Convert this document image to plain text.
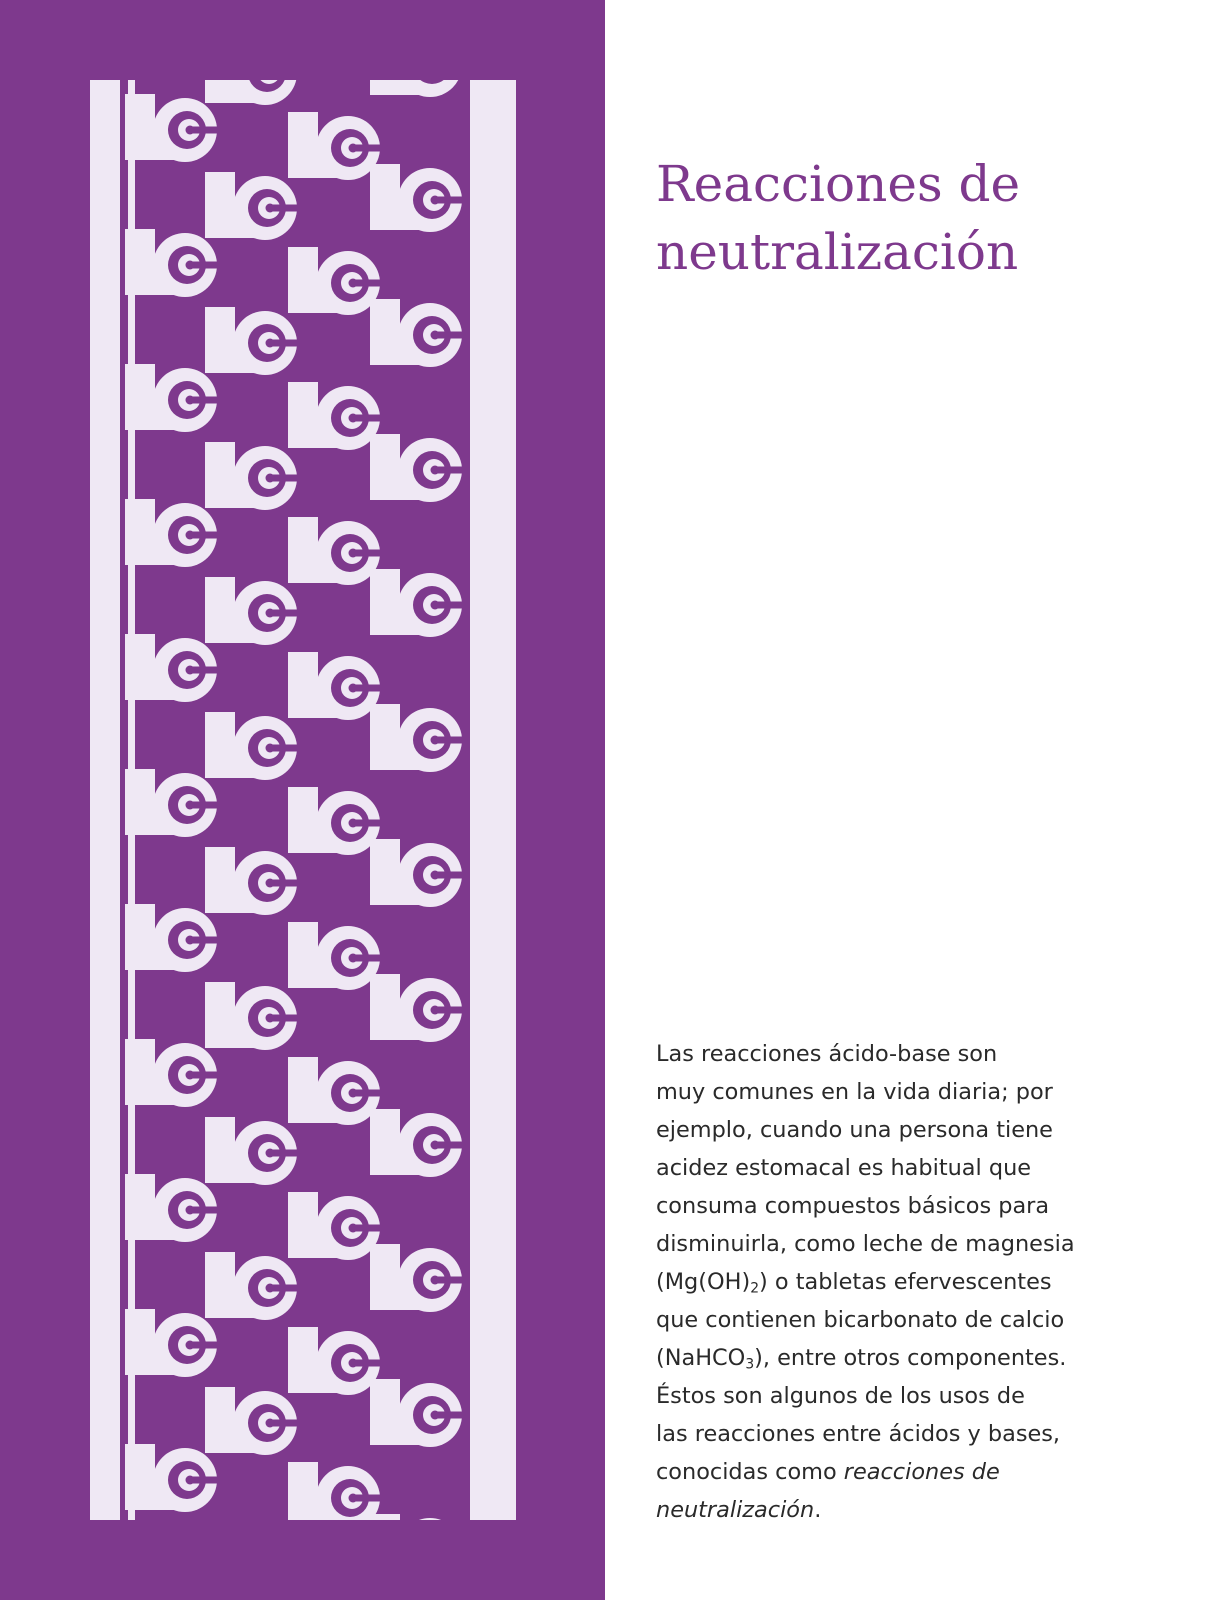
Reacciones de
neutralización

Las reacciones ácido-base son
muy comunes en la vida diaria; por
ejemplo, cuando una persona tiene
acidez estomacal es habitual que
consuma compuestos básicos para
disminuirla, como leche de magnesia
$(Mg(OH)_2)$ o tabletas efervescentes
que contienen bicarbonato de calcio
(NaHCO$_3$), entre otros componentes.
Éstos son algunos de los usos de
las reacciones entre ácidos y bases,
conocidas como reacciones de
neutralización.
